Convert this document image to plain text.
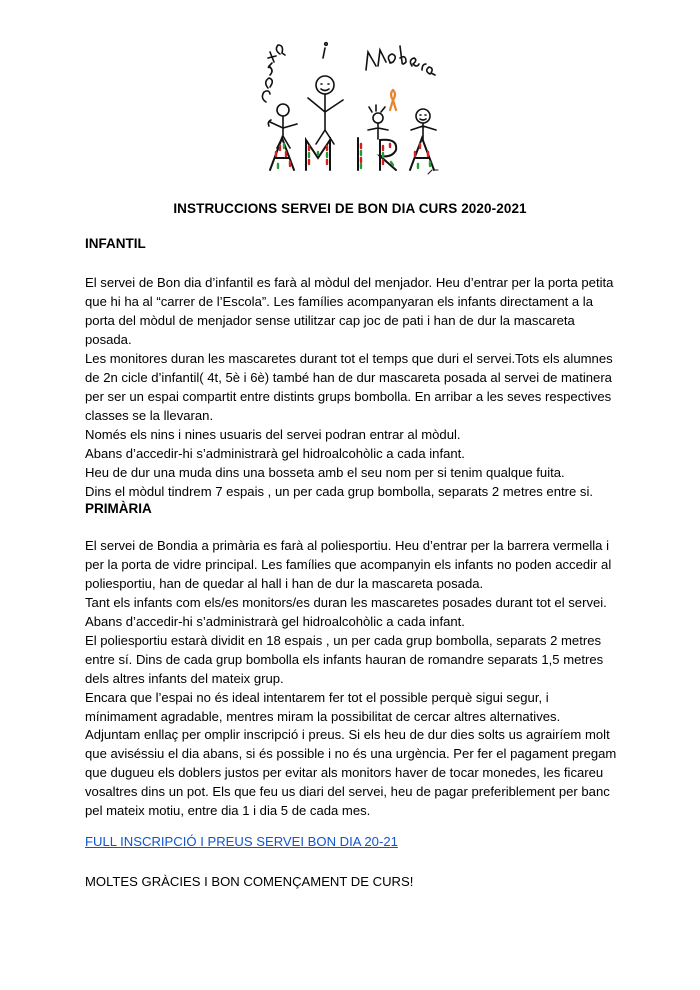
INSTRUCCIONS SERVEI DE BON DIA CURS 2020-2021
INFANTIL
El servei de Bon dia d’infantil es farà al mòdul del menjador. Heu d’entrar per la porta petita
que hi ha al “carrer de l’Escola”. Les famílies acompanyaran els infants directament a la
porta del mòdul de menjador sense utilitzar cap joc de pati i han de dur la mascareta
posada.
Les monitores duran les mascaretes durant tot el temps que duri el servei.Tots els alumnes
de 2n cicle d’infantil( 4t, 5è i 6è) també han de dur mascareta posada al servei de matinera
per ser un espai compartit entre distints grups bombolla. En arribar a les seves respectives
classes se la llevaran.
Només els nins i nines usuaris del servei podran entrar al mòdul.
Abans d’accedir-hi s’administrarà gel hidroalcohòlic a cada infant.
Heu de dur una muda dins una bosseta amb el seu nom per si tenim qualque fuita.
Dins el mòdul tindrem 7 espais , un per cada grup bombolla, separats 2 metres entre si.
PRIMÀRIA
El servei de Bondia a primària es farà al poliesportiu. Heu d’entrar per la barrera vermella i
per la porta de vidre principal. Les famílies que acompanyin els infants no poden accedir al
poliesportiu, han de quedar al hall i han de dur la mascareta posada.
Tant els infants com els/es monitors/es duran les mascaretes posades durant tot el servei.
Abans d’accedir-hi s’administrarà gel hidroalcohòlic a cada infant.
El poliesportiu estarà dividit en 18 espais , un per cada grup bombolla, separats 2 metres
entre sí. Dins de cada grup bombolla els infants hauran de romandre separats 1,5 metres
dels altres infants del mateix grup.
Encara que l’espai no és ideal intentarem fer tot el possible perquè sigui segur, i
mínimament agradable, mentres miram la possibilitat de cercar altres alternatives.
Adjuntam enllaç per omplir inscripció i preus. Si els heu de dur dies solts us agrairíem molt
que aviséssiu el dia abans, si és possible i no és una urgència. Per fer el pagament pregam
que dugueu els doblers justos per evitar als monitors haver de tocar monedes, les ficareu
vosaltres dins un pot. Els que feu us diari del servei, heu de pagar preferiblement per banc
pel mateix motiu, entre dia 1 i dia 5 de cada mes.
FULL INSCRIPCIÓ I PREUS SERVEI BON DIA 20-21
MOLTES GRÀCIES I BON COMENÇAMENT DE CURS!
